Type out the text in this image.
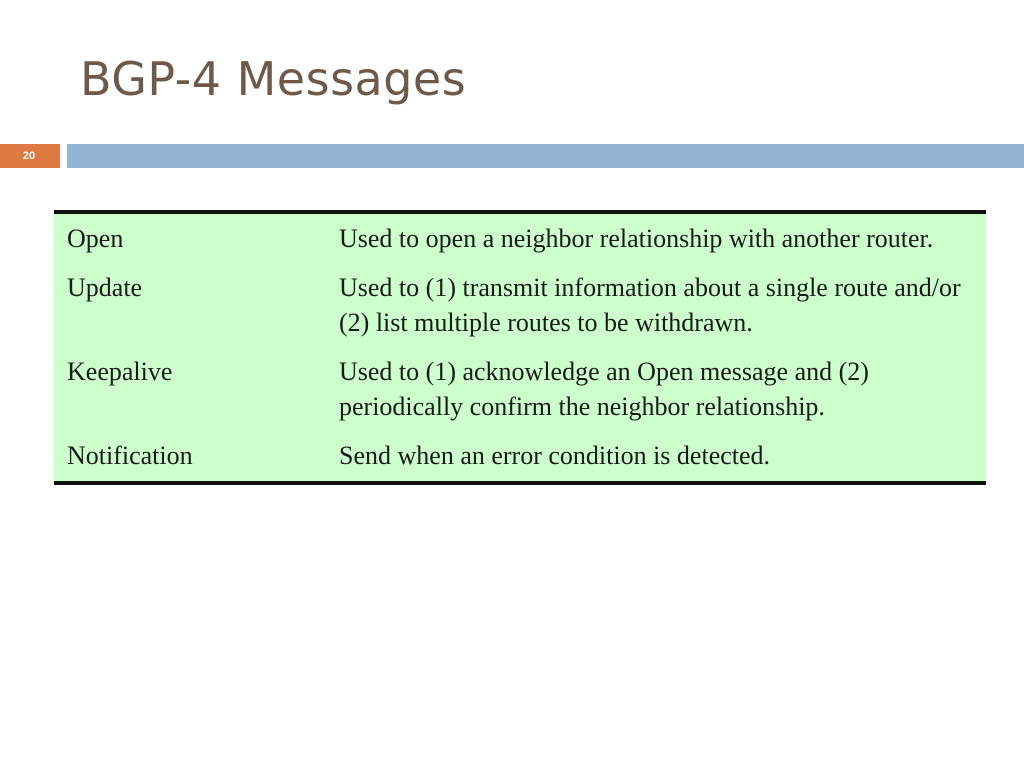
BGP-4 Messages
20
Open	Used to open a neighbor relationship with another router.
Update	Used to (1) transmit information about a single route and/or (2) list multiple routes to be withdrawn.
Keepalive	Used to (1) acknowledge an Open message and (2) periodically confirm the neighbor relationship.
Notification	Send when an error condition is detected.
